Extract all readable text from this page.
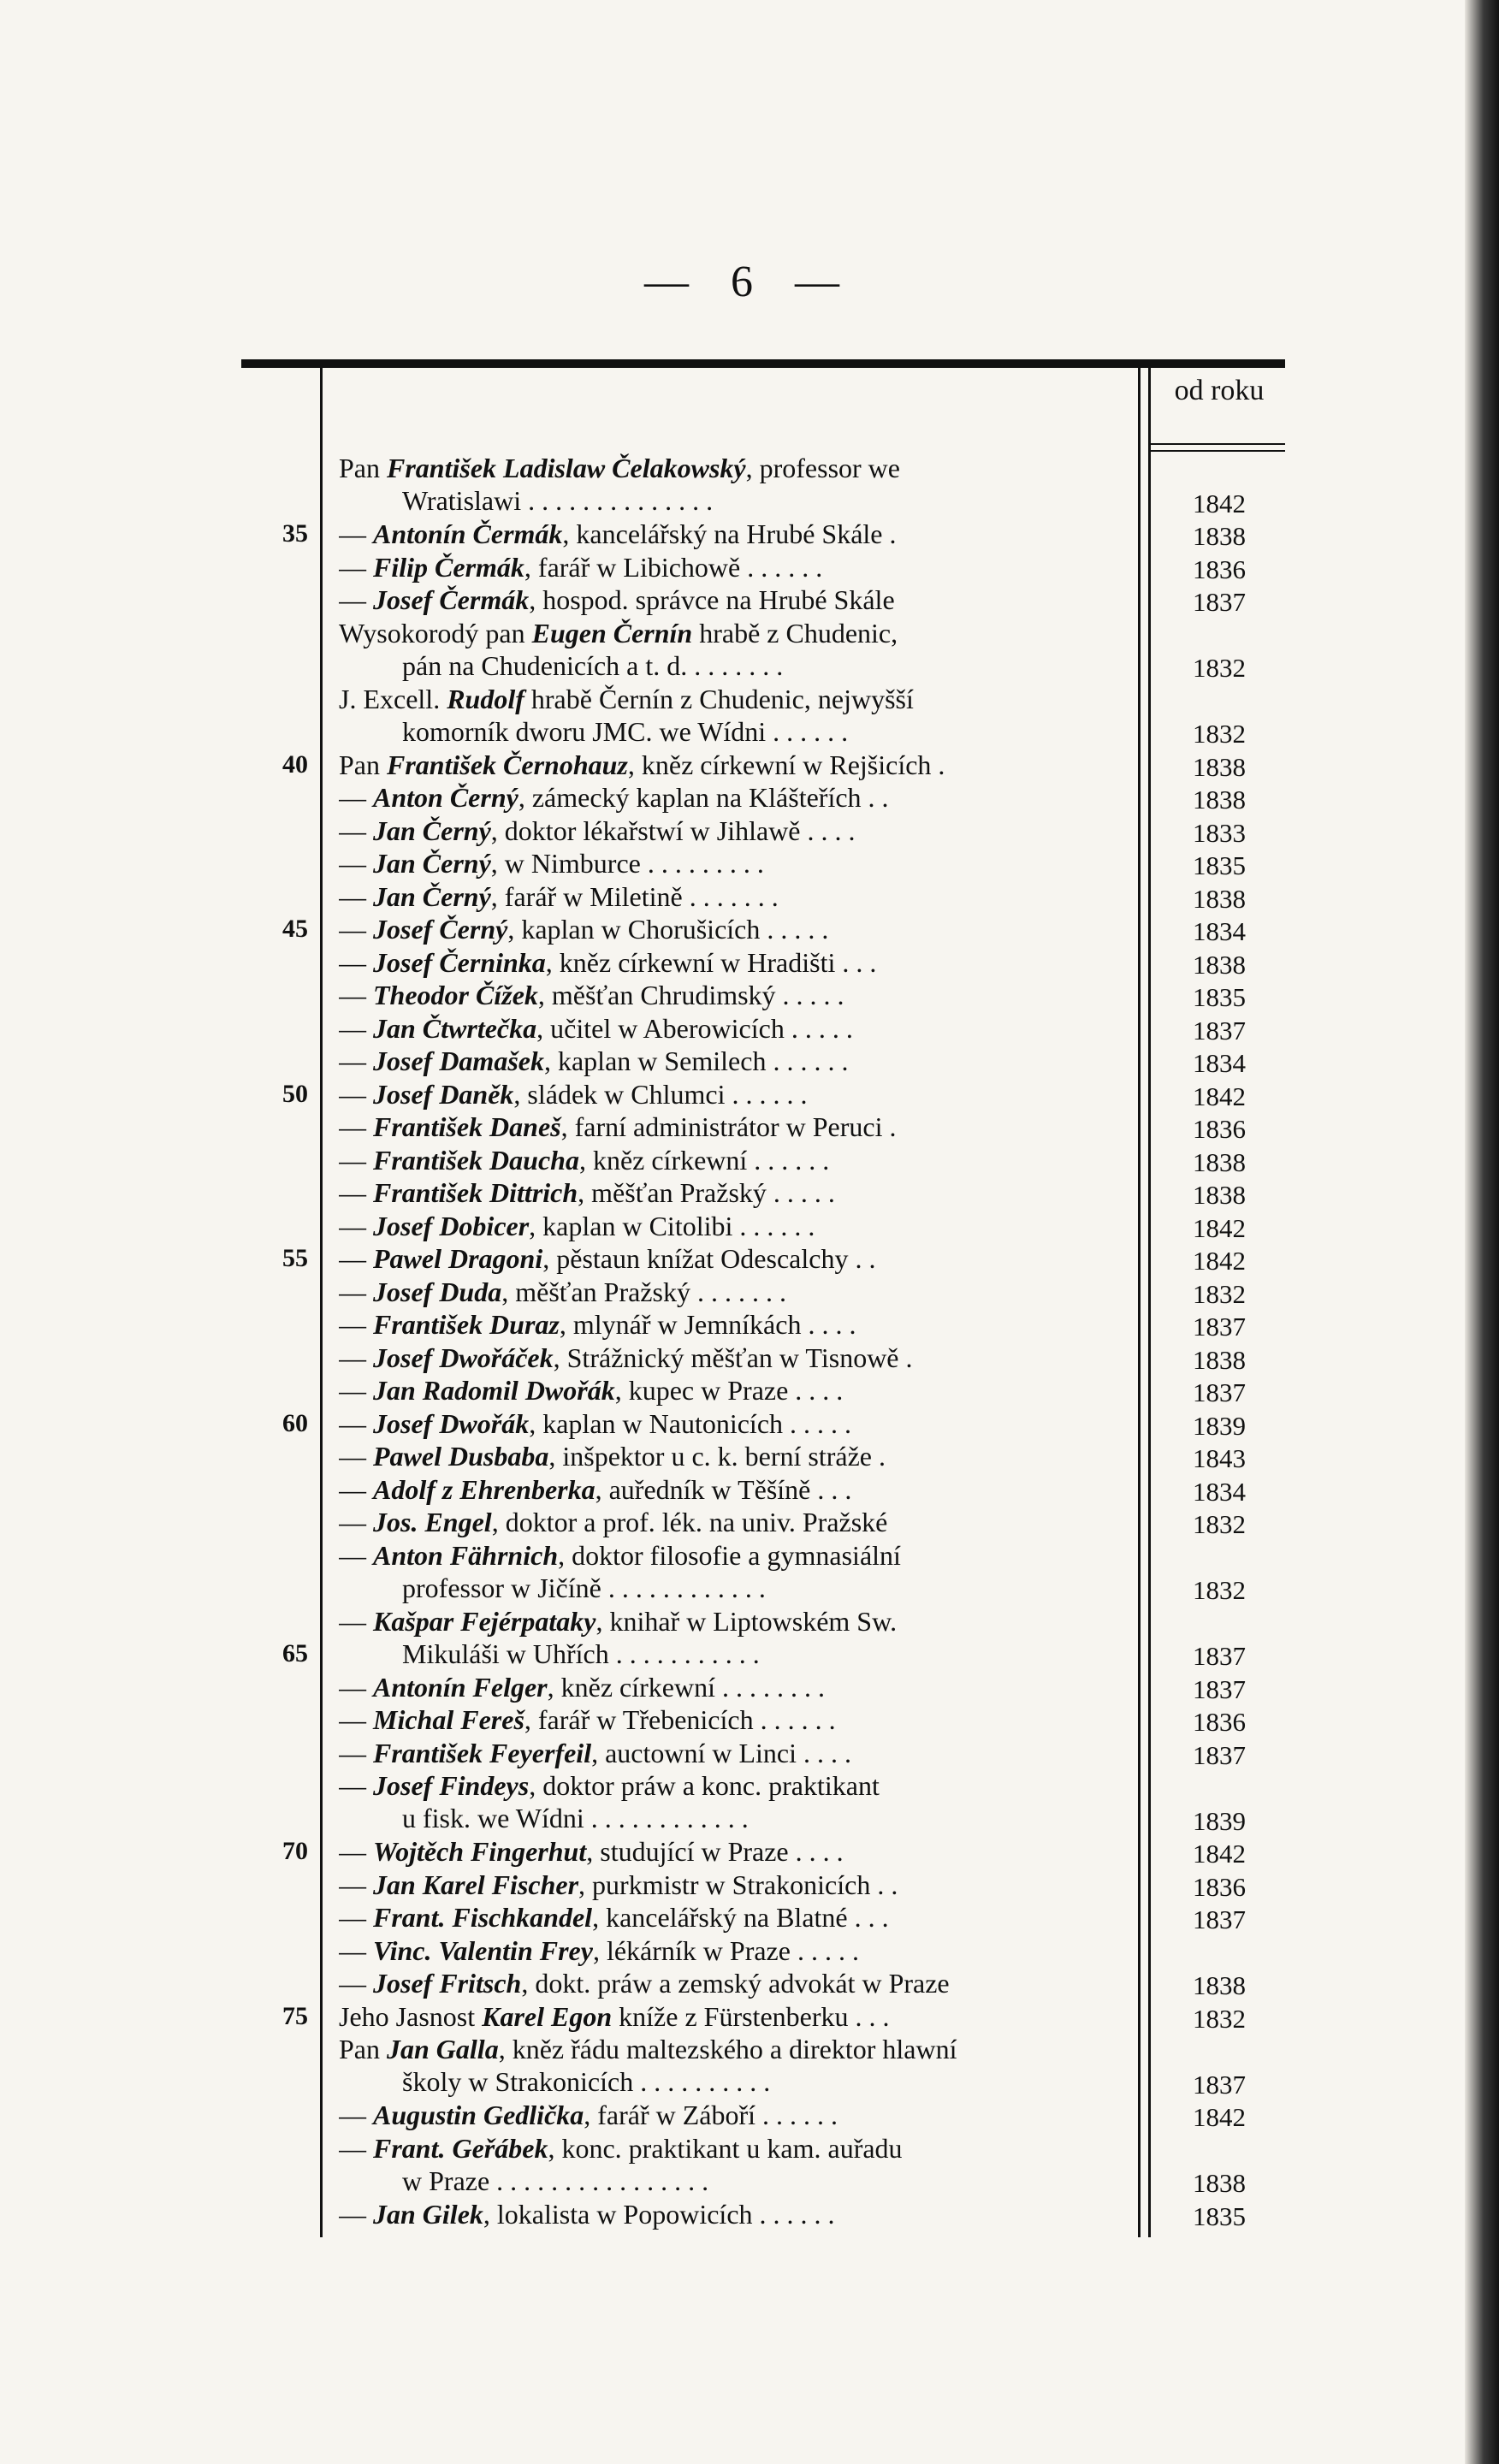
— 6 —
od roku
Pan František Ladislaw Čelakowský, professor we
Wratislawi . . . . . . . . . . . . . .	1842
35 — Antonín Čermák, kancelářský na Hrubé Skále .	1838
— Filip Čermák, farář w Libichowě . . . . . .	1836
— Josef Čermák, hospod. správce na Hrubé Skále	1837
Wysokorodý pan Eugen Černín hrabě z Chudenic,
pán na Chudenicích a t. d. . . . . . . .	1832
J. Excell. Rudolf hrabě Černín z Chudenic, nejwyšší
komorník dworu JMC. we Wídni . . . . . .	1832
40 Pan František Černohauz, kněz církewní w Rejšicích .	1838
— Anton Černý, zámecký kaplan na Klášteřích . .	1838
— Jan Černý, doktor lékařstwí w Jihlawě . . . .	1833
— Jan Černý, w Nimburce . . . . . . . . .	1835
— Jan Černý, farář w Miletině . . . . . . .	1838
45 — Josef Černý, kaplan w Chorušicích . . . . .	1834
— Josef Černinka, kněz církewní w Hradišti . . .	1838
— Theodor Čížek, měšťan Chrudimský . . . . .	1835
— Jan Čtwrtečka, učitel w Aberowicích . . . . .	1837
— Josef Damašek, kaplan w Semilech . . . . . .	1834
50 — Josef Daněk, sládek w Chlumci . . . . . .	1842
— František Daneš, farní administrátor w Peruci .	1836
— František Daucha, kněz církewní . . . . . .	1838
— František Dittrich, měšťan Pražský . . . . .	1838
— Josef Dobicer, kaplan w Citolibi . . . . . .	1842
55 — Pawel Dragoni, pěstaun knížat Odescalchy . .	1842
— Josef Duda, měšťan Pražský . . . . . . .	1832
— František Duraz, mlynář w Jemníkách . . . .	1837
— Josef Dwořáček, Strážnický měšťan w Tisnowě .	1838
— Jan Radomil Dwořák, kupec w Praze . . . .	1837
60 — Josef Dwořák, kaplan w Nautonicích . . . . .	1839
— Pawel Dusbaba, inšpektor u c. k. berní stráže .	1843
— Adolf z Ehrenberka, auředník w Těšíně . . .	1834
— Jos. Engel, doktor a prof. lék. na univ. Pražské	1832
— Anton Fährnich, doktor filosofie a gymnasiální
professor w Jičíně . . . . . . . . . . . .	1832
65
— Kašpar Fejérpataky, knihař w Liptowském Sw.
Mikuláši w Uhřích . . . . . . . . . . .	1837
— Antonín Felger, kněz církewní . . . . . . . .	1837
— Michal Fereš, farář w Třebenicích . . . . . .	1836
— František Feyerfeil, auctowní w Linci . . . .	1837
— Josef Findeys, doktor práw a konc. praktikant
u fisk. we Wídni . . . . . . . . . . . .	1839
70 — Wojtěch Fingerhut, studující w Praze . . . .	1842
— Jan Karel Fischer, purkmistr w Strakonicích . .	1836
— Frant. Fischkandel, kancelářský na Blatné . . .	1837
— Vinc. Valentin Frey, lékárník w Praze . . . . .
— Josef Fritsch, dokt. práw a zemský advokát w Praze	1838
75 Jeho Jasnost Karel Egon kníže z Fürstenberku . . .	1832
Pan Jan Galla, kněz řádu maltezského a direktor hlawní
školy w Strakonicích . . . . . . . . . .	1837
— Augustin Gedlička, farář w Záboří . . . . . .	1842
— Frant. Geřábek, konc. praktikant u kam. auřadu
w Praze . . . . . . . . . . . . . . . .	1838
— Jan Gilek, lokalista w Popowicích . . . . . .	1835
